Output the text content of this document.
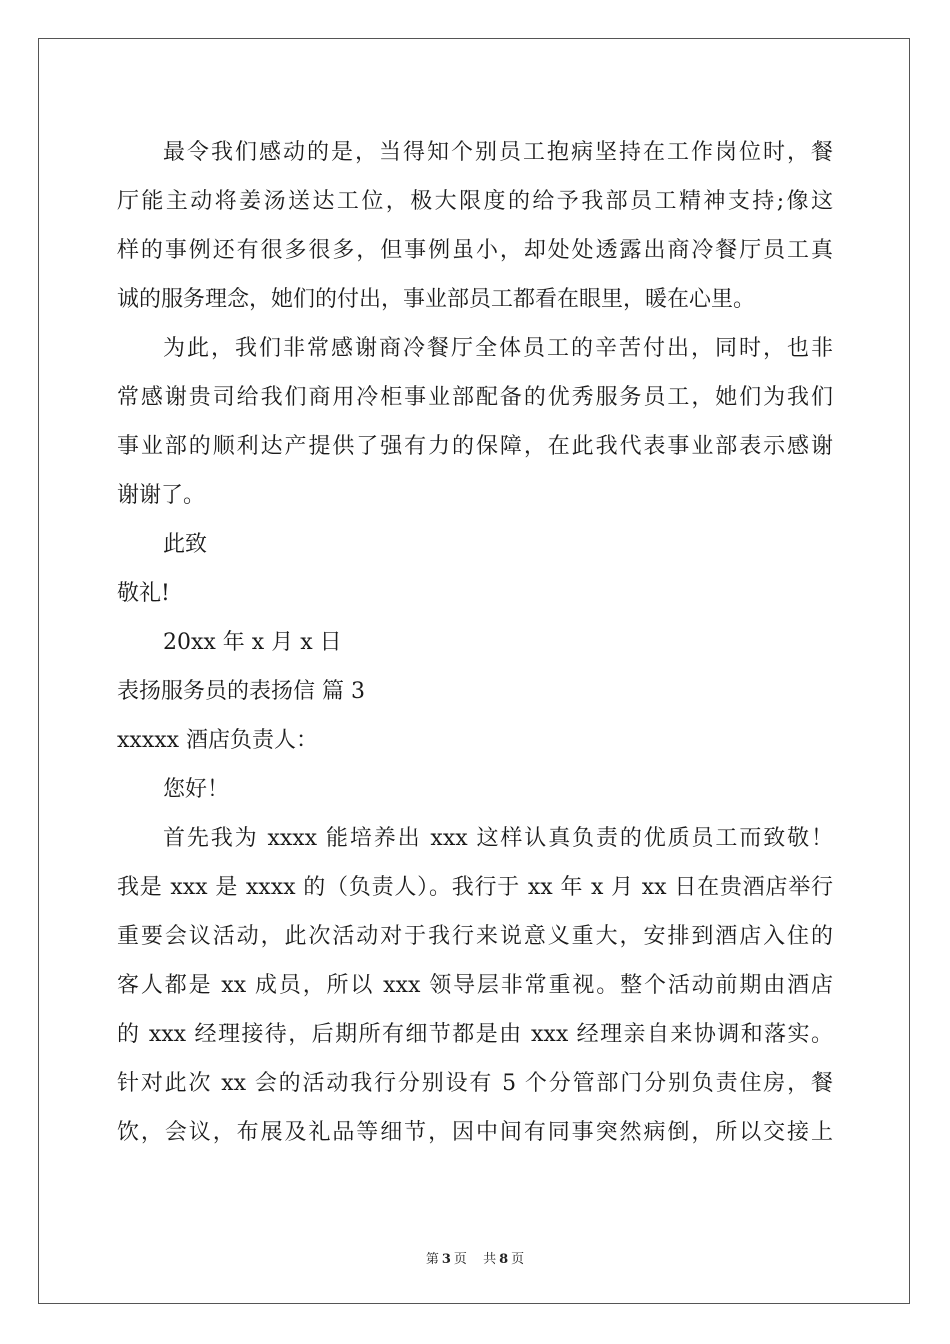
最令我们感动的是，当得知个别员工抱病坚持在工作岗位时，餐
厅能主动将姜汤送达工位，极大限度的给予我部员工精神支持;像这
样的事例还有很多很多，但事例虽小，却处处透露出商冷餐厅员工真
诚的服务理念，她们的付出，事业部员工都看在眼里，暖在心里。
为此，我们非常感谢商冷餐厅全体员工的辛苦付出，同时，也非
常感谢贵司给我们商用冷柜事业部配备的优秀服务员工，她们为我们
事业部的顺利达产提供了强有力的保障，在此我代表事业部表示感谢
谢谢了。
此致
敬礼!
20xx 年 x 月 x 日
表扬服务员的表扬信 篇 3
xxxxx 酒店负责人：
您好！
首先我为 xxxx 能培养出 xxx 这样认真负责的优质员工而致敬！
我是 xxx 是 xxxx 的（负责人）。我行于 xx 年 x 月 xx 日在贵酒店举行
重要会议活动，此次活动对于我行来说意义重大，安排到酒店入住的
客人都是 xx 成员，所以 xxx 领导层非常重视。整个活动前期由酒店
的 xxx 经理接待，后期所有细节都是由 xxx 经理亲自来协调和落实。
针对此次 xx 会的活动我行分别设有 5 个分管部门分别负责住房，餐
饮，会议，布展及礼品等细节，因中间有同事突然病倒，所以交接上
第 3 页 共 8 页
